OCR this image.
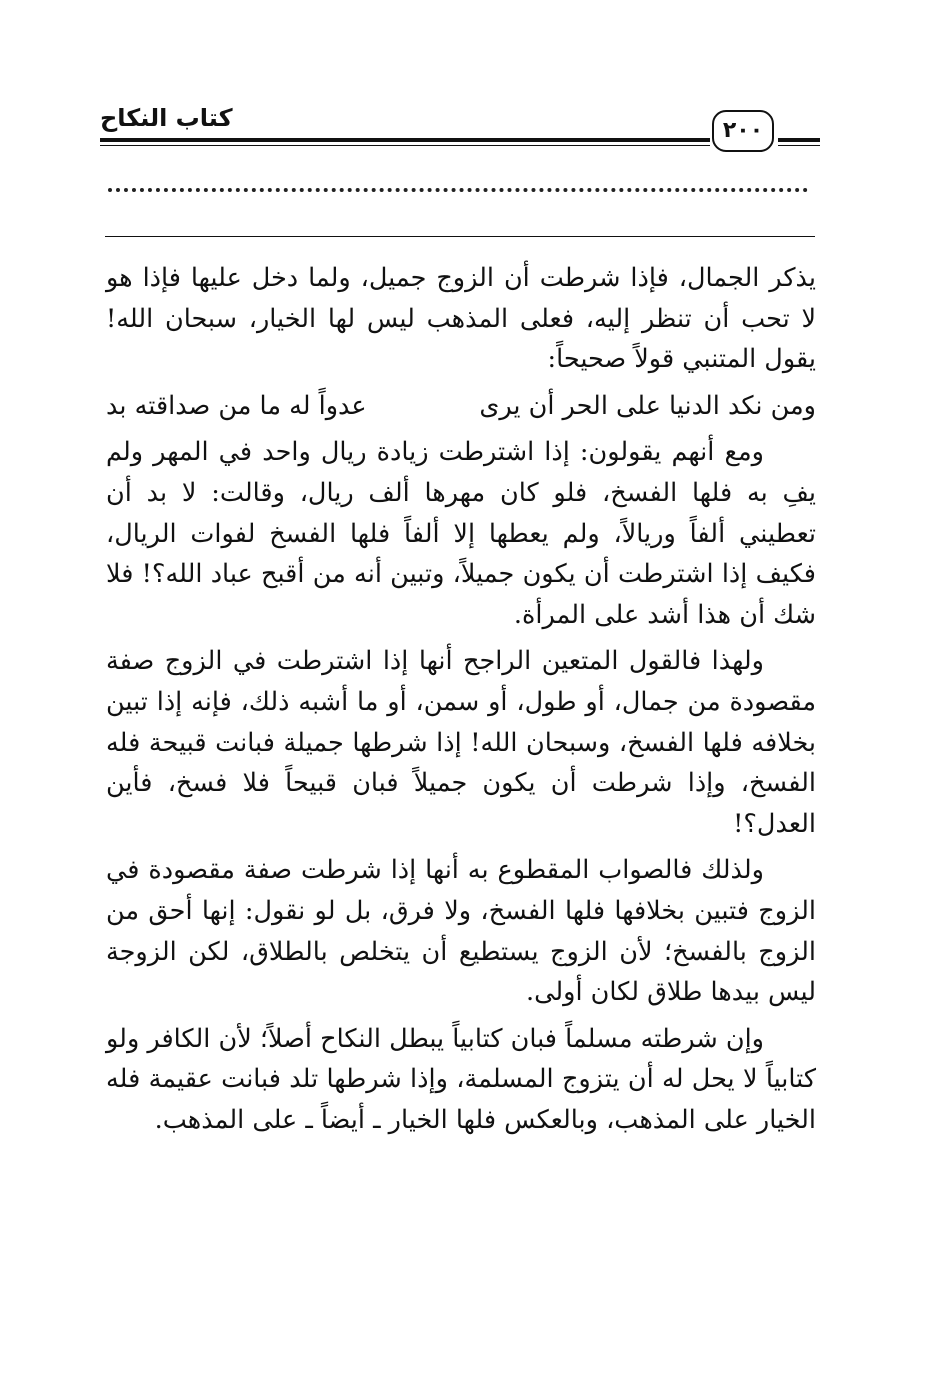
كتاب النكاح	٢٠٠

يذكر الجمال، فإذا شرطت أن الزوج جميل، ولما دخل عليها فإذا هو لا تحب أن تنظر إليه، فعلى المذهب ليس لها الخيار، سبحان الله! يقول المتنبي قولاً صحيحاً:

ومن نكد الدنيا على الحر أن يرى
عدواً له ما من صداقته بد

ومع أنهم يقولون: إذا اشترطت زيادة ريال واحد في المهر ولم يفِ به فلها الفسخ، فلو كان مهرها ألف ريال، وقالت: لا بد أن تعطيني ألفاً وريالاً، ولم يعطها إلا ألفاً فلها الفسخ لفوات الريال، فكيف إذا اشترطت أن يكون جميلاً، وتبين أنه من أقبح عباد الله؟! فلا شك أن هذا أشد على المرأة.

ولهذا فالقول المتعين الراجح أنها إذا اشترطت في الزوج صفة مقصودة من جمال، أو طول، أو سمن، أو ما أشبه ذلك، فإنه إذا تبين بخلافه فلها الفسخ، وسبحان الله! إذا شرطها جميلة فبانت قبيحة فله الفسخ، وإذا شرطت أن يكون جميلاً فبان قبيحاً فلا فسخ، فأين العدل؟!

ولذلك فالصواب المقطوع به أنها إذا شرطت صفة مقصودة في الزوج فتبين بخلافها فلها الفسخ، ولا فرق، بل لو نقول: إنها أحق من الزوج بالفسخ؛ لأن الزوج يستطيع أن يتخلص بالطلاق، لكن الزوجة ليس بيدها طلاق لكان أولى.

وإن شرطته مسلماً فبان كتابياً يبطل النكاح أصلاً؛ لأن الكافر ولو كتابياً لا يحل له أن يتزوج المسلمة، وإذا شرطها تلد فبانت عقيمة فله الخيار على المذهب، وبالعكس فلها الخيار ـ أيضاً ـ على المذهب.
